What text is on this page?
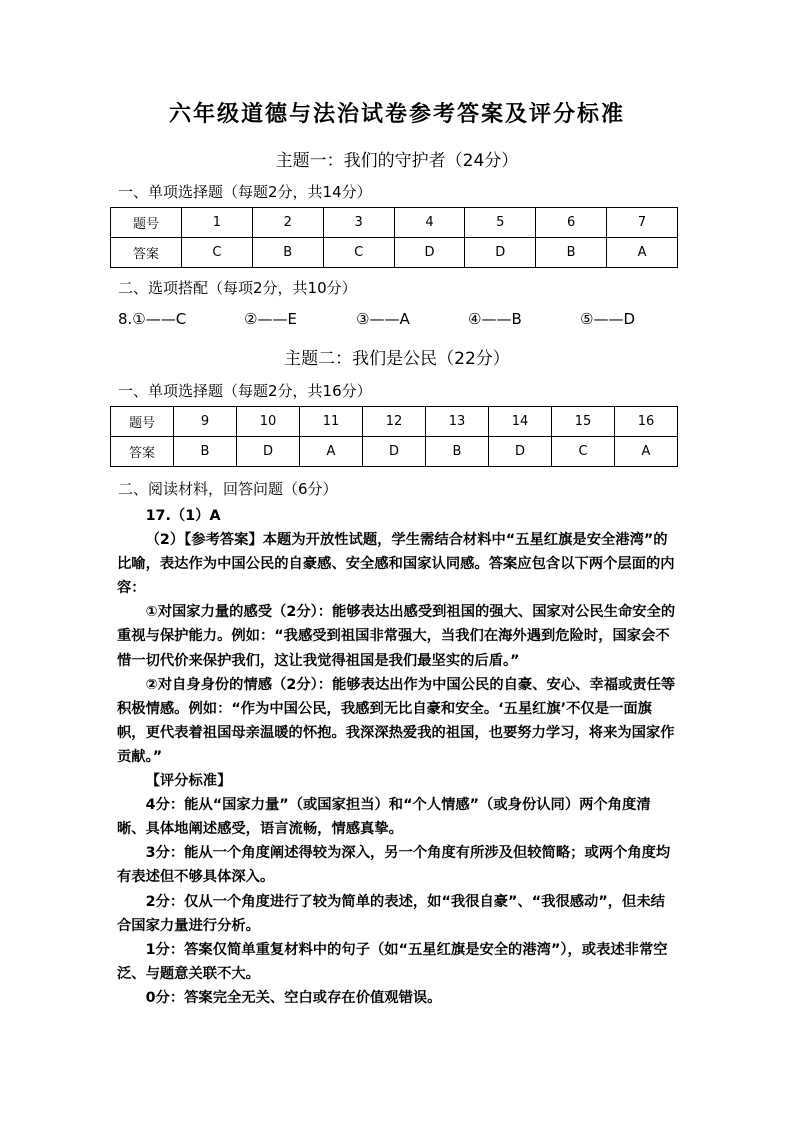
六年级道德与法治试卷参考答案及评分标准
主题一：我们的守护者（24分）
一、单项选择题（每题2分，共14分）
题号	1	2	3	4	5	6	7
答案	C	B	C	D	D	B	A
二、选项搭配（每项2分，共10分）
8.①——C	②——E	③——A	④——B	⑤——D
主题二：我们是公民（22分）
一、单项选择题（每题2分，共16分）
题号	9	10	11	12	13	14	15	16
答案	B	D	A	D	B	D	C	A
二、阅读材料，回答问题（6分）

17.（1）A

（2）【参考答案】本题为开放性试题，学生需结合材料中“五星红旗是安全港湾”的比喻，表达作为中国公民的自豪感、安全感和国家认同感。答案应包含以下两个层面的内容：

①对国家力量的感受（2分）：能够表达出感受到祖国的强大、国家对公民生命安全的重视与保护能力。例如：“我感受到祖国非常强大，当我们在海外遇到危险时，国家会不惜一切代价来保护我们，这让我觉得祖国是我们最坚实的后盾。”

②对自身身份的情感（2分）：能够表达出作为中国公民的自豪、安心、幸福或责任等积极情感。例如：“作为中国公民，我感到无比自豪和安全。‘五星红旗’不仅是一面旗帜，更代表着祖国母亲温暖的怀抱。我深深热爱我的祖国，也要努力学习，将来为国家作贡献。”

【评分标准】

4分：能从“国家力量”（或国家担当）和“个人情感”（或身份认同）两个角度清晰、具体地阐述感受，语言流畅，情感真挚。

3分：能从一个角度阐述得较为深入，另一个角度有所涉及但较简略；或两个角度均有表述但不够具体深入。

2分：仅从一个角度进行了较为简单的表述，如“我很自豪”、“我很感动”，但未结合国家力量进行分析。

1分：答案仅简单重复材料中的句子（如“五星红旗是安全的港湾”），或表述非常空泛、与题意关联不大。

0分：答案完全无关、空白或存在价值观错误。
